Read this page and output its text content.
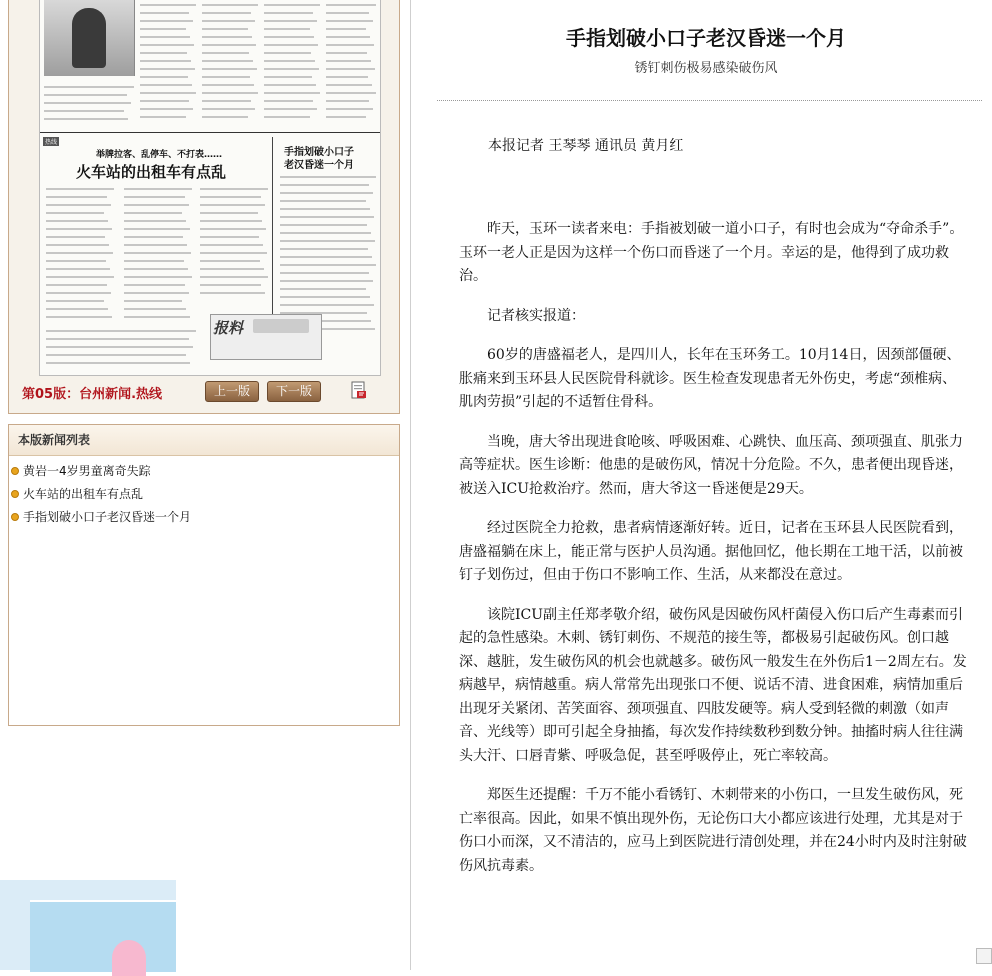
热线
举牌拉客、乱停车、不打表……
火车站的出租车有点乱
手指划破小口子
老汉昏迷一个月
报料
第05版：台州新闻.热线	上一版	下一版
本版新闻列表
黄岩一4岁男童离奇失踪
火车站的出租车有点乱
手指划破小口子老汉昏迷一个月
手指划破小口子老汉昏迷一个月
锈钉刺伤极易感染破伤风
本报记者 王琴琴 通讯员 黄月红

昨天，玉环一读者来电：手指被划破一道小口子，有时也会成为“夺命杀手”。玉环一老人正是因为这样一个伤口而昏迷了一个月。幸运的是，他得到了成功救治。

记者核实报道：

60岁的唐盛福老人，是四川人，长年在玉环务工。10月14日，因颈部僵硬、胀痛来到玉环县人民医院骨科就诊。医生检查发现患者无外伤史，考虑“颈椎病、肌肉劳损”引起的不适暂住骨科。

当晚，唐大爷出现进食呛咳、呼吸困难、心跳快、血压高、颈项强直、肌张力高等症状。医生诊断：他患的是破伤风，情况十分危险。不久，患者便出现昏迷，被送入ICU抢救治疗。然而，唐大爷这一昏迷便是29天。

经过医院全力抢救，患者病情逐渐好转。近日，记者在玉环县人民医院看到，唐盛福躺在床上，能正常与医护人员沟通。据他回忆，他长期在工地干活，以前被钉子划伤过，但由于伤口不影响工作、生活，从来都没在意过。

该院ICU副主任郑孝敬介绍，破伤风是因破伤风杆菌侵入伤口后产生毒素而引起的急性感染。木刺、锈钉刺伤、不规范的接生等，都极易引起破伤风。创口越深、越脏，发生破伤风的机会也就越多。破伤风一般发生在外伤后1－2周左右。发病越早，病情越重。病人常常先出现张口不便、说话不清、进食困难，病情加重后出现牙关紧闭、苦笑面容、颈项强直、四肢发硬等。病人受到轻微的刺激（如声音、光线等）即可引起全身抽搐，每次发作持续数秒到数分钟。抽搐时病人往往满头大汗、口唇青紫、呼吸急促，甚至呼吸停止，死亡率较高。

郑医生还提醒：千万不能小看锈钉、木刺带来的小伤口，一旦发生破伤风，死亡率很高。因此，如果不慎出现外伤，无论伤口大小都应该进行处理，尤其是对于伤口小而深，又不清洁的，应马上到医院进行清创处理，并在24小时内及时注射破伤风抗毒素。
